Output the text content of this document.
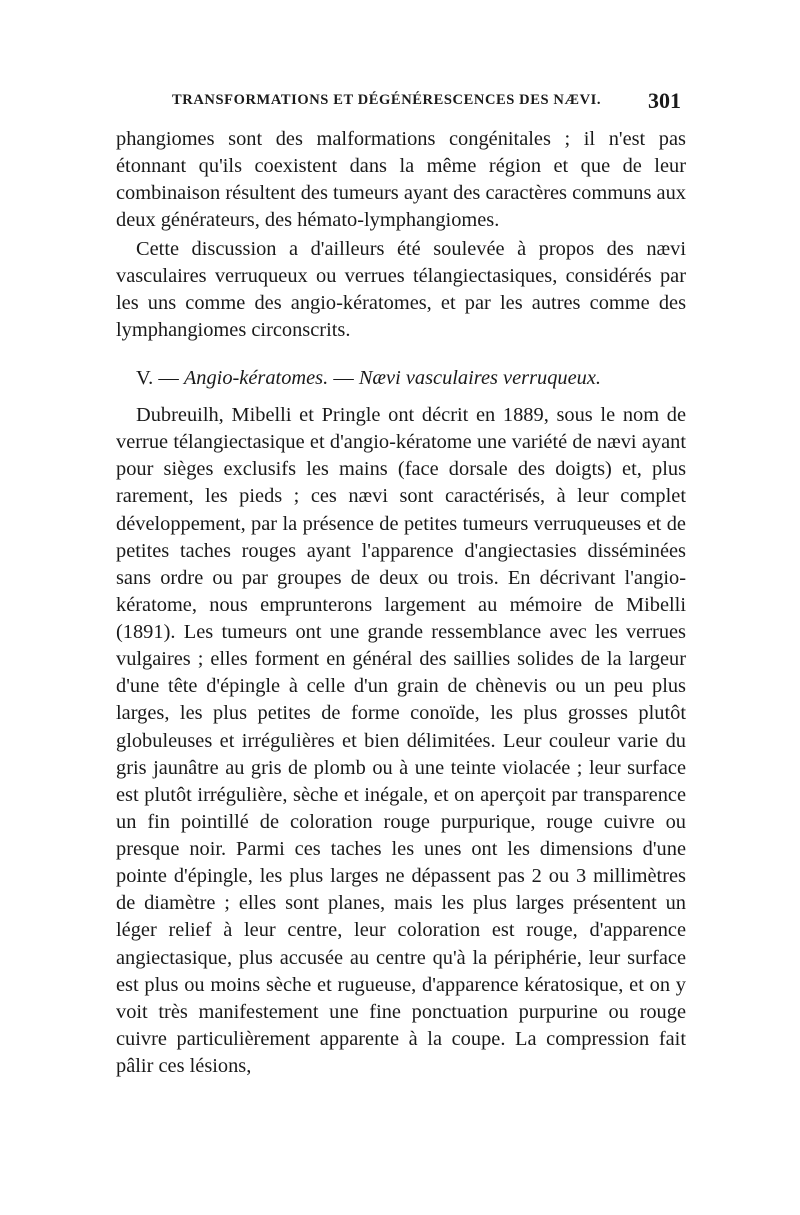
TRANSFORMATIONS ET DÉGÉNÉRESCENCES DES NÆVI. 301

phangiomes sont des malformations congénitales ; il n'est pas étonnant qu'ils coexistent dans la même région et que de leur combinaison résultent des tumeurs ayant des caractères communs aux deux générateurs, des hémato-lymphangiomes.

Cette discussion a d'ailleurs été soulevée à propos des nævi vasculaires verruqueux ou verrues télangiectasiques, considérés par les uns comme des angio-kératomes, et par les autres comme des lymphangiomes circonscrits.

V. — Angio-kératomes. — Nævi vasculaires verruqueux.

Dubreuilh, Mibelli et Pringle ont décrit en 1889, sous le nom de verrue télangiectasique et d'angio-kératome une variété de nævi ayant pour sièges exclusifs les mains (face dorsale des doigts) et, plus rarement, les pieds ; ces nævi sont caractérisés, à leur complet développement, par la présence de petites tumeurs verruqueuses et de petites taches rouges ayant l'apparence d'angiectasies disséminées sans ordre ou par groupes de deux ou trois. En décrivant l'angio-kératome, nous emprunterons largement au mémoire de Mibelli (1891). Les tumeurs ont une grande ressemblance avec les verrues vulgaires ; elles forment en général des saillies solides de la largeur d'une tête d'épingle à celle d'un grain de chènevis ou un peu plus larges, les plus petites de forme conoïde, les plus grosses plutôt globuleuses et irrégulières et bien délimitées. Leur couleur varie du gris jaunâtre au gris de plomb ou à une teinte violacée ; leur surface est plutôt irrégulière, sèche et inégale, et on aperçoit par transparence un fin pointillé de coloration rouge purpurique, rouge cuivre ou presque noir. Parmi ces taches les unes ont les dimensions d'une pointe d'épingle, les plus larges ne dépassent pas 2 ou 3 millimètres de diamètre ; elles sont planes, mais les plus larges présentent un léger relief à leur centre, leur coloration est rouge, d'apparence angiectasique, plus accusée au centre qu'à la périphérie, leur surface est plus ou moins sèche et rugueuse, d'apparence kératosique, et on y voit très manifestement une fine ponctuation purpurine ou rouge cuivre particulièrement apparente à la coupe. La compression fait pâlir ces lésions,
